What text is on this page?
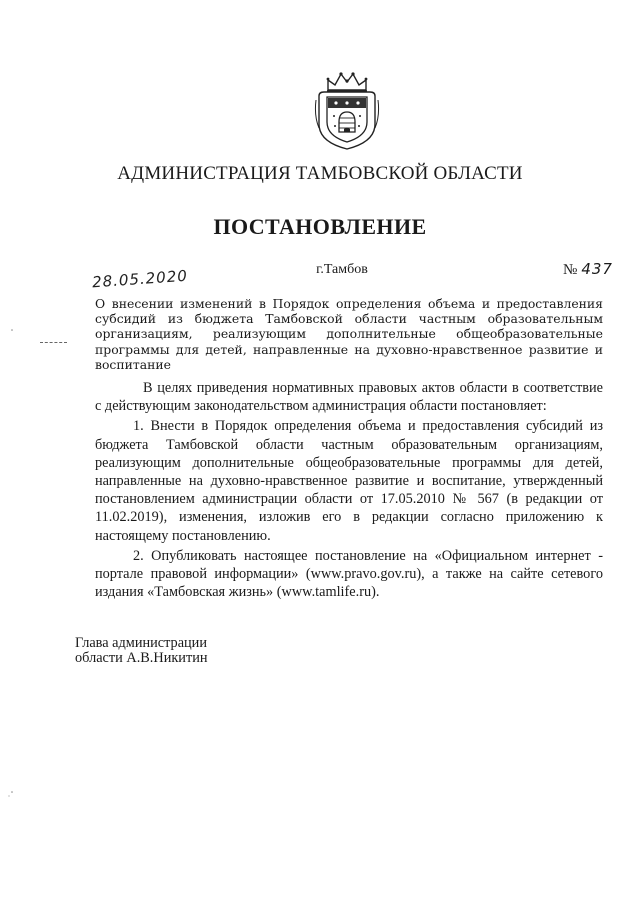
АДМИНИСТРАЦИЯ ТАМБОВСКОЙ ОБЛАСТИ
ПОСТАНОВЛЕНИЕ
28.05.2020	г.Тамбов	№ 437
О внесении изменений в Порядок определения объема и предоставления субсидий из бюджета Тамбовской области частным образовательным организациям, реализующим дополнительные общеобразовательные программы для детей, направленные на духовно-нравственное развитие и воспитание

В целях приведения нормативных правовых актов области в соответствие с действующим законодательством администрация области постановляет:

1. Внести в Порядок определения объема и предоставления субсидий из бюджета Тамбовской области частным образовательным организациям, реализующим дополнительные общеобразовательные программы для детей, направленные на духовно-нравственное развитие и воспитание, утвержденный постановлением администрации области от 17.05.2010 № 567 (в редакции от 11.02.2019), изменения, изложив его в редакции согласно приложению к настоящему постановлению.

2. Опубликовать настоящее постановление на «Официальном интернет - портале правовой информации» (www.pravo.gov.ru), а также на сайте сетевого издания «Тамбовская жизнь» (www.tamlife.ru).

Глава администрации
области А.В.Никитин
